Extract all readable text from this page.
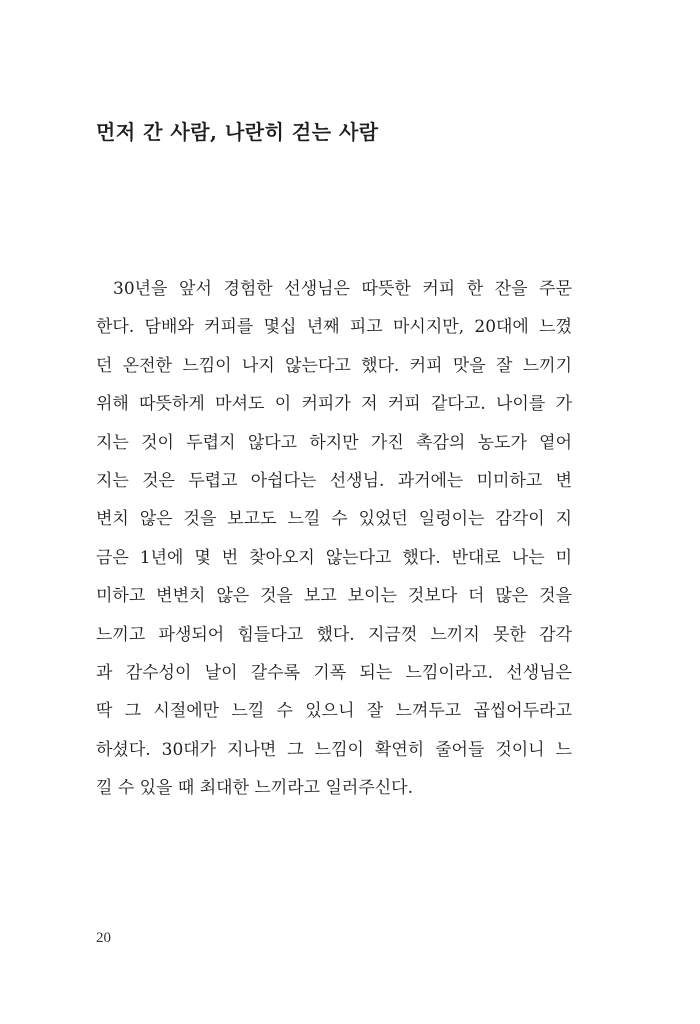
먼저 간 사람, 나란히 걷는 사람
30년을 앞서 경험한 선생님은 따뜻한 커피 한 잔을 주문
한다. 담배와 커피를 몇십 년째 피고 마시지만, 20대에 느꼈
던 온전한 느낌이 나지 않는다고 했다. 커피 맛을 잘 느끼기
위해 따뜻하게 마셔도 이 커피가 저 커피 같다고. 나이를 가
지는 것이 두렵지 않다고 하지만 가진 촉감의 농도가 옅어
지는 것은 두렵고 아쉽다는 선생님. 과거에는 미미하고 변
변치 않은 것을 보고도 느낄 수 있었던 일렁이는 감각이 지
금은 1년에 몇 번 찾아오지 않는다고 했다. 반대로 나는 미
미하고 변변치 않은 것을 보고 보이는 것보다 더 많은 것을
느끼고 파생되어 힘들다고 했다. 지금껏 느끼지 못한 감각
과 감수성이 날이 갈수록 기폭 되는 느낌이라고. 선생님은
딱 그 시절에만 느낄 수 있으니 잘 느껴두고 곱씹어두라고
하셨다. 30대가 지나면 그 느낌이 확연히 줄어들 것이니 느
낄 수 있을 때 최대한 느끼라고 일러주신다.
20
